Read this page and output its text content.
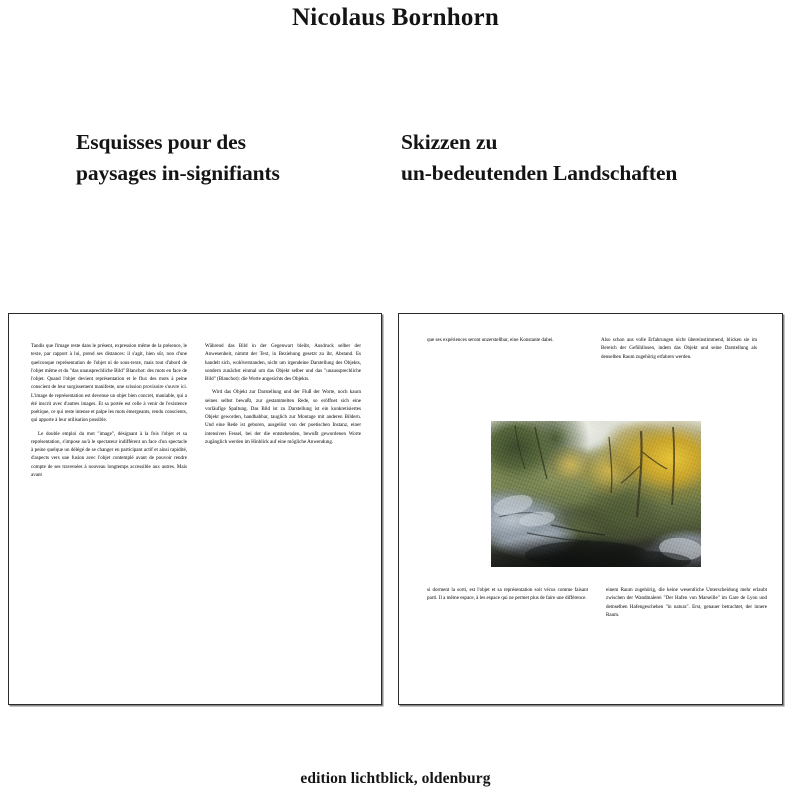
Nicolaus Bornhorn
Esquisses pour des
paysages in-signifiants
Skizzen zu
un-bedeutenden Landschaften

Tandis que l'image reste dans le présent, expression même de la présence, le texte, par rapport à lui, prend ses distances: il s'agit, bien sûr, non d'une quelconque représentation de l'objet ni de sous-texte, mais tout d'abord de l'objet même et du "das unausprechliche Bild" Blanchot: des mots en face de l'objet. Quand l'objet devient représentation et le flux des mots à peine conscient de leur surgissement manifeste, une scission provisoire s'ouvre ici. L'image de représentation est devenue un objet bien concret, maniable, qui a été inscrit avec d'autres images. Et sa portée est celle à venir de l'existence poétique, ce qui reste intense et palpe les mots émergeants, rendu conscients, qui apporte à leur utilisation possible.

Le double emploi du mot "image", désignant à la fois l'objet et sa représentation, s'impose au/à le spectateur indifférent un face d'un spectacle à peine quelque un délégé de se changer en participant actif et ainsi rapidité, d'aspects vers une fusion avec l'objet contemplé avant de pouvoir rendre compte de ses traversées à nouveau longtemps accessible aux autres. Mais avant

Während das Bild in der Gegenwart bleibt, Ausdruck selber der Anwesenheit, nimmt der Text, in Beziehung gesetzt zu ihr, Abstand. Es handelt sich, wohlverstanden, nicht um irgendeine Darstellung des Objekts, sondern zunächst einmal um das Objekt selber und das "unaussprechliche Bild" (Blanchot): die Worte angesichts des Objekts.

Wird das Objekt zur Darstellung und der Fluß der Worte, noch kaum seines selbst bewußt, zur gestammelten Rede, so eröffnet sich eine vorläufige Spaltung. Das Bild ist zu Darstellung ist ein konkretisiertes Objekt geworden, handhabbar, tauglich zur Montage mit anderen Bildern. Und eine Rede ist geboren, ausgelöst von der poetischen Instanz, einer intensiven Fessel, bei der die entstehenden, bewußt gewordenen Worte zugänglich werden im Hinblick auf eine mögliche Anwendung.

que ses expériences seront unzerstellbar, eine Konstante dabei.	Also schon aus volle Erfahrungen nicht übereinstimmend, blicken sie im Bereich der Gefühllosen, indem das Objekt und seine Darstellung als denselben Raum zugehörig erfahren werden.

si dorment la sorti, est l'objet et sa représentation soit vécus comme faisant parti. Il a même espace, à les espace qui ne permet plus de faire une différence.

einem Raum zugehörig, die keine wesentliche Unterscheidung mehr erlaubt zwischen der Wandmalerei "Der Hafen von Marseille" im Gare de Lyon und demselben Hafengeschehen "in natura". Erst, genauer betrachtet, der innere Raum.

edition lichtblick, oldenburg
